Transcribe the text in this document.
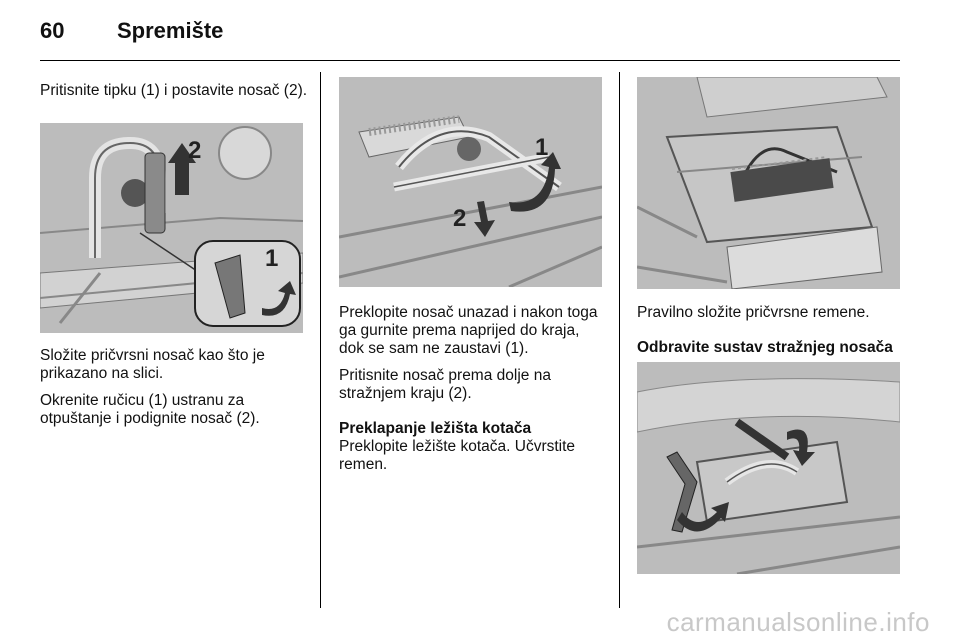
60 Spremište

Pritisnite tipku (1) i postavite nosač (2).

2
1

Složite pričvrsni nosač kao što je prikazano na slici.

Okrenite ručicu (1) ustranu za otpuštanje i podignite nosač (2).

1
2

Preklopite nosač unazad i nakon toga ga gurnite prema naprijed do kraja, dok se sam ne zaustavi (1).

Pritisnite nosač prema dolje na stražnjem kraju (2).

Preklapanje ležišta kotača

Preklopite ležište kotača. Učvrstite remen.

Pravilno složite pričvrsne remene.

Odbravite sustav stražnjeg nosača

carmanualsonline.info
